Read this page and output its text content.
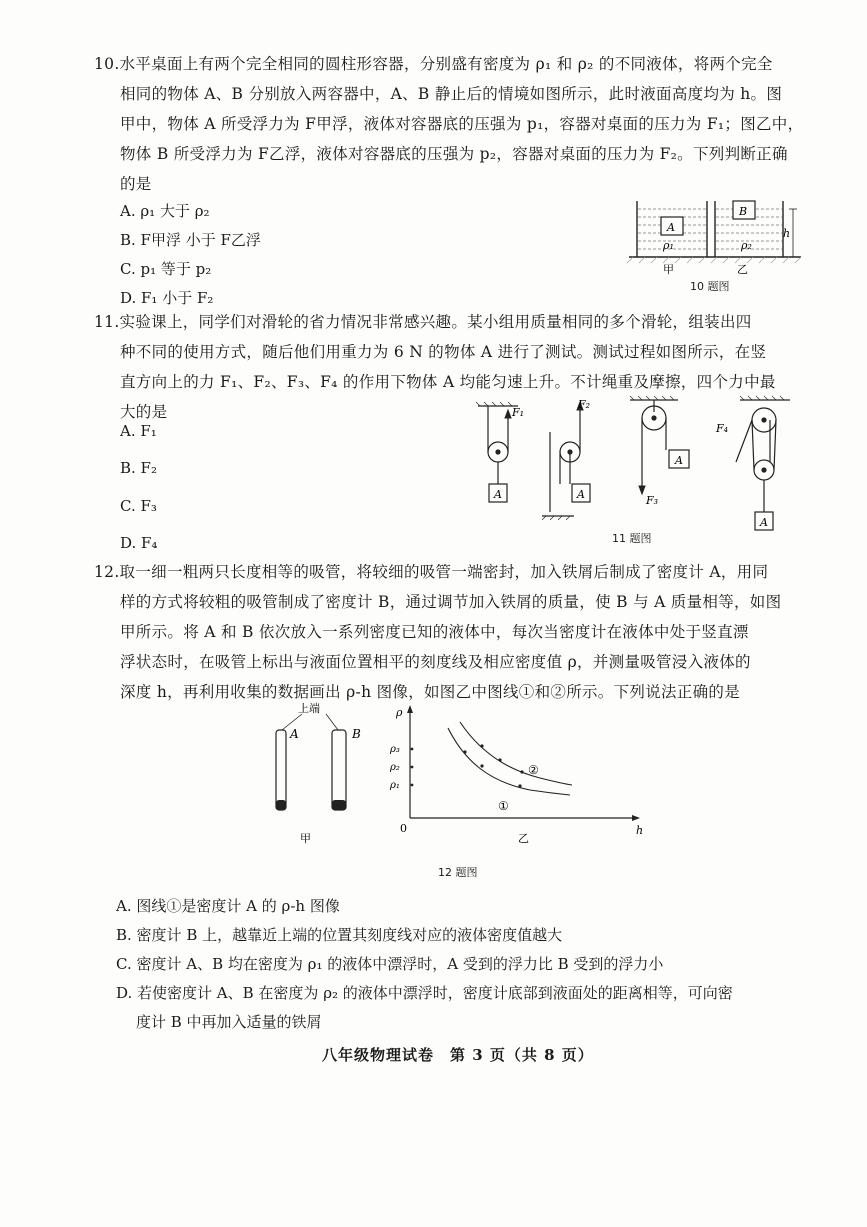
10.水平桌面上有两个完全相同的圆柱形容器，分别盛有密度为 ρ₁ 和 ρ₂ 的不同液体，将两个完全
相同的物体 A、B 分别放入两容器中，A、B 静止后的情境如图所示，此时液面高度均为 h。图
甲中，物体 A 所受浮力为 F甲浮，液体对容器底的压强为 p₁，容器对桌面的压力为 F₁；图乙中，
物体 B 所受浮力为 F乙浮，液体对容器底的压强为 p₂，容器对桌面的压力为 F₂。下列判断正确
的是
A. ρ₁ 大于 ρ₂
B. F甲浮 小于 F乙浮
C. p₁ 等于 p₂
D. F₁ 小于 F₂
A
B
ρ₁	ρ₂
h
甲	乙
10 题图
11.实验课上，同学们对滑轮的省力情况非常感兴趣。某小组用质量相同的多个滑轮，组装出四
种不同的使用方式，随后他们用重力为 6 N 的物体 A 进行了测试。测试过程如图所示，在竖
直方向上的力 F₁、F₂、F₃、F₄ 的作用下物体 A 均能匀速上升。不计绳重及摩擦，四个力中最
大的是
A. F₁
B. F₂
C. F₃
D. F₄
F₁
F₂
F₃
F₄
A	A
A
A
11 题图
12.取一细一粗两只长度相等的吸管，将较细的吸管一端密封，加入铁屑后制成了密度计 A，用同
样的方式将较粗的吸管制成了密度计 B，通过调节加入铁屑的质量，使 B 与 A 质量相等，如图
甲所示。将 A 和 B 依次放入一系列密度已知的液体中，每次当密度计在液体中处于竖直漂
浮状态时，在吸管上标出与液面位置相平的刻度线及相应密度值 ρ，并测量吸管浸入液体的
深度 h，再利用收集的数据画出 ρ-h 图像，如图乙中图线①和②所示。下列说法正确的是
上端
A	B
甲
ρ
h
0
ρ₃
ρ₂
ρ₁
②
①
乙
12 题图
A. 图线①是密度计 A 的 ρ-h 图像
B. 密度计 B 上，越靠近上端的位置其刻度线对应的液体密度值越大
C. 密度计 A、B 均在密度为 ρ₁ 的液体中漂浮时，A 受到的浮力比 B 受到的浮力小
D. 若使密度计 A、B 在密度为 ρ₂ 的液体中漂浮时，密度计底部到液面处的距离相等，可向密
度计 B 中再加入适量的铁屑
八年级物理试卷　第 3 页（共 8 页）
